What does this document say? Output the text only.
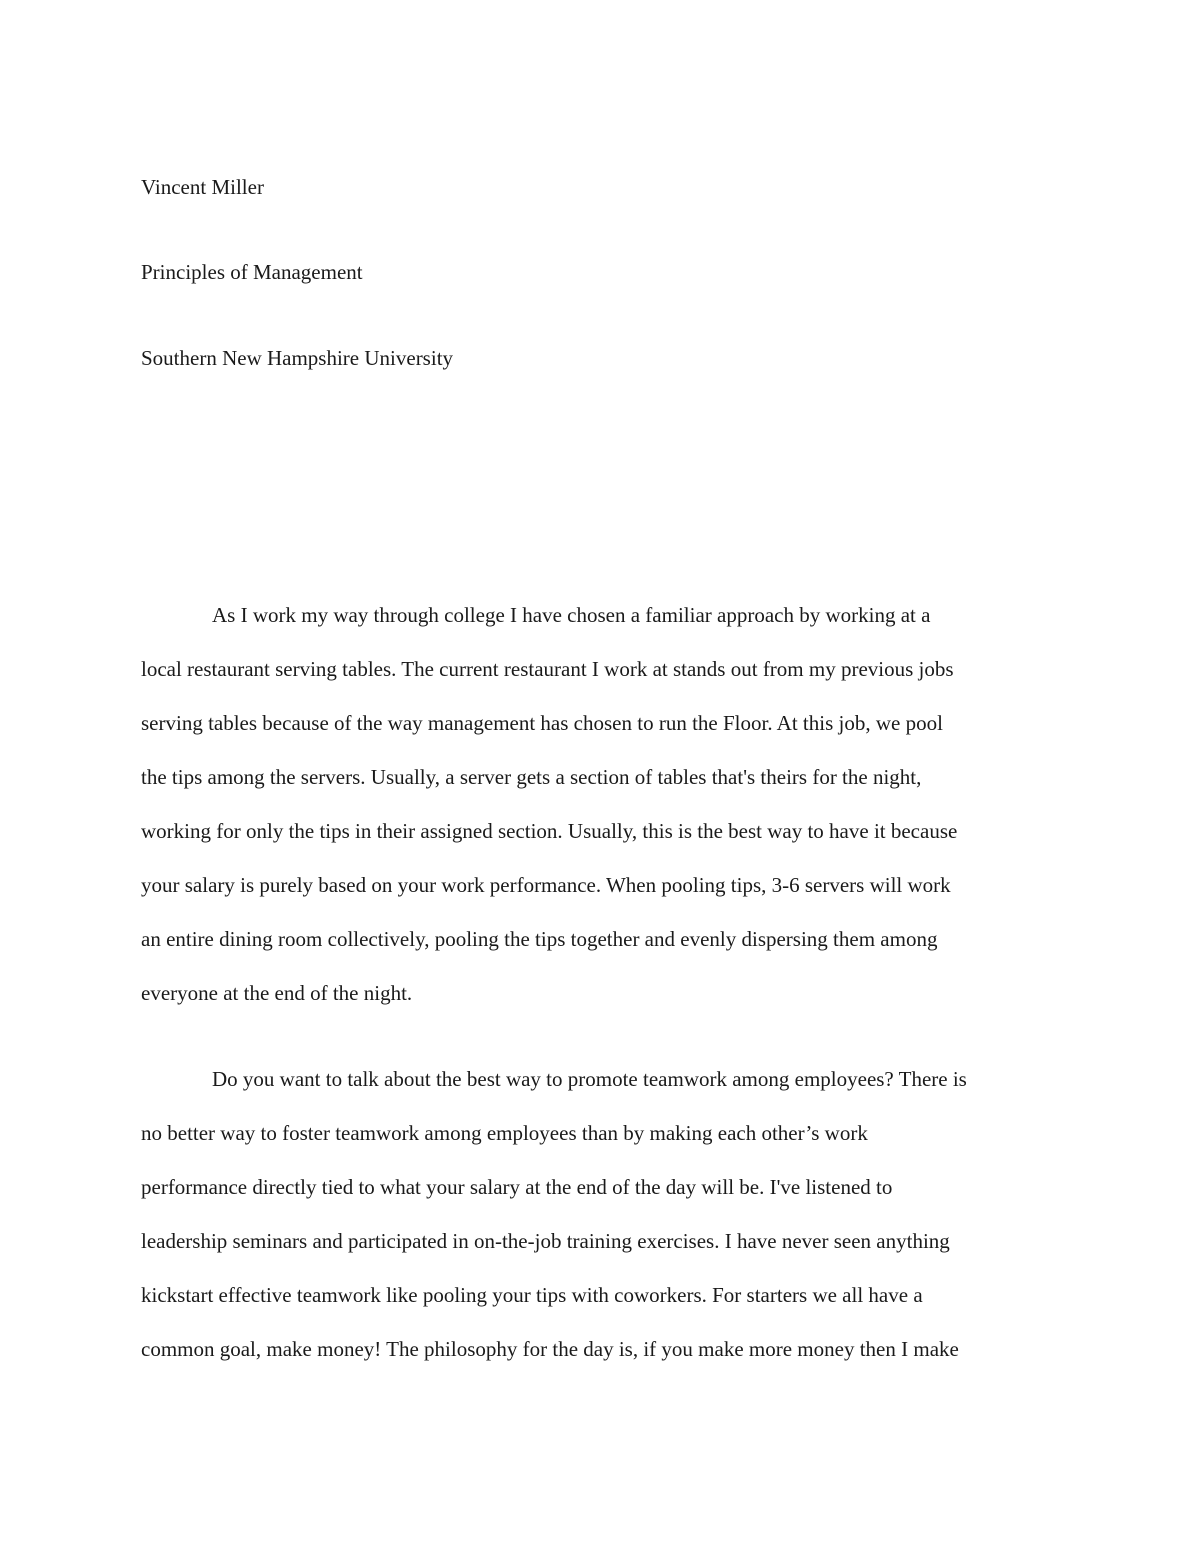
Vincent Miller
Principles of Management
Southern New Hampshire University

As I work my way through college I have chosen a familiar approach by working at a
local restaurant serving tables. The current restaurant I work at stands out from my previous jobs
serving tables because of the way management has chosen to run the Floor. At this job, we pool
the tips among the servers. Usually, a server gets a section of tables that's theirs for the night,
working for only the tips in their assigned section. Usually, this is the best way to have it because
your salary is purely based on your work performance. When pooling tips, 3-6 servers will work
an entire dining room collectively, pooling the tips together and evenly dispersing them among
everyone at the end of the night.

Do you want to talk about the best way to promote teamwork among employees? There is
no better way to foster teamwork among employees than by making each other’s work
performance directly tied to what your salary at the end of the day will be. I've listened to
leadership seminars and participated in on-the-job training exercises. I have never seen anything
kickstart effective teamwork like pooling your tips with coworkers. For starters we all have a
common goal, make money! The philosophy for the day is, if you make more money then I make
